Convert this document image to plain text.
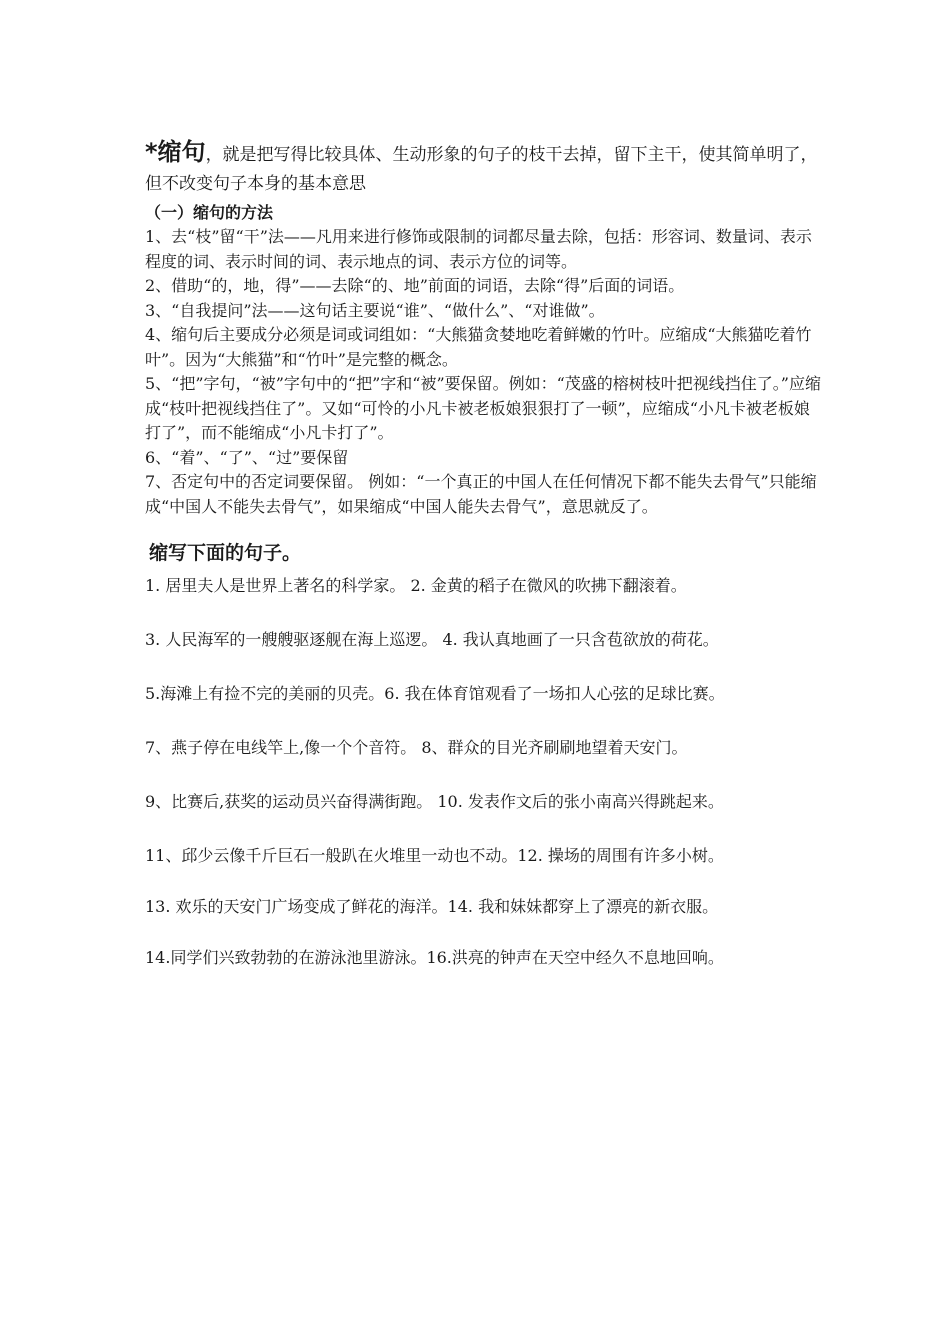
*缩句，就是把写得比较具体、生动形象的句子的枝干去掉，留下主干，使其简单明了，但不改变句子本身的基本意思

（一）缩句的方法

1、去“枝”留“干”法——凡用来进行修饰或限制的词都尽量去除，包括：形容词、数量词、表示程度的词、表示时间的词、表示地点的词、表示方位的词等。

2、借助“的，地，得”——去除“的、地”前面的词语，去除“得”后面的词语。

3、“自我提问”法——这句话主要说“谁”、“做什么”、“对谁做”。

4、缩句后主要成分必须是词或词组如：“大熊猫贪婪地吃着鲜嫩的竹叶。应缩成“大熊猫吃着竹叶”。因为“大熊猫”和“竹叶”是完整的概念。

5、“把”字句，“被”字句中的“把”字和“被”要保留。例如：“茂盛的榕树枝叶把视线挡住了。”应缩成“枝叶把视线挡住了”。又如“可怜的小凡卡被老板娘狠狠打了一顿”，应缩成“小凡卡被老板娘打了”，而不能缩成“小凡卡打了”。

6、“着”、“了”、“过”要保留

7、否定句中的否定词要保留。 例如：“一个真正的中国人在任何情况下都不能失去骨气”只能缩成“中国人不能失去骨气”，如果缩成“中国人能失去骨气”，意思就反了。

缩写下面的句子。

1. 居里夫人是世界上著名的科学家。 2. 金黄的稻子在微风的吹拂下翻滚着。

3. 人民海军的一艘艘驱逐舰在海上巡逻。 4. 我认真地画了一只含苞欲放的荷花。

5.海滩上有捡不完的美丽的贝壳。6. 我在体育馆观看了一场扣人心弦的足球比赛。

7、燕子停在电线竿上,像一个个音符。 8、群众的目光齐刷刷地望着天安门。

9、比赛后,获奖的运动员兴奋得满街跑。 10. 发表作文后的张小南高兴得跳起来。

11、邱少云像千斤巨石一般趴在火堆里一动也不动。12. 操场的周围有许多小树。

13. 欢乐的天安门广场变成了鲜花的海洋。14. 我和妹妹都穿上了漂亮的新衣服。

14.同学们兴致勃勃的在游泳池里游泳。16.洪亮的钟声在天空中经久不息地回响。
